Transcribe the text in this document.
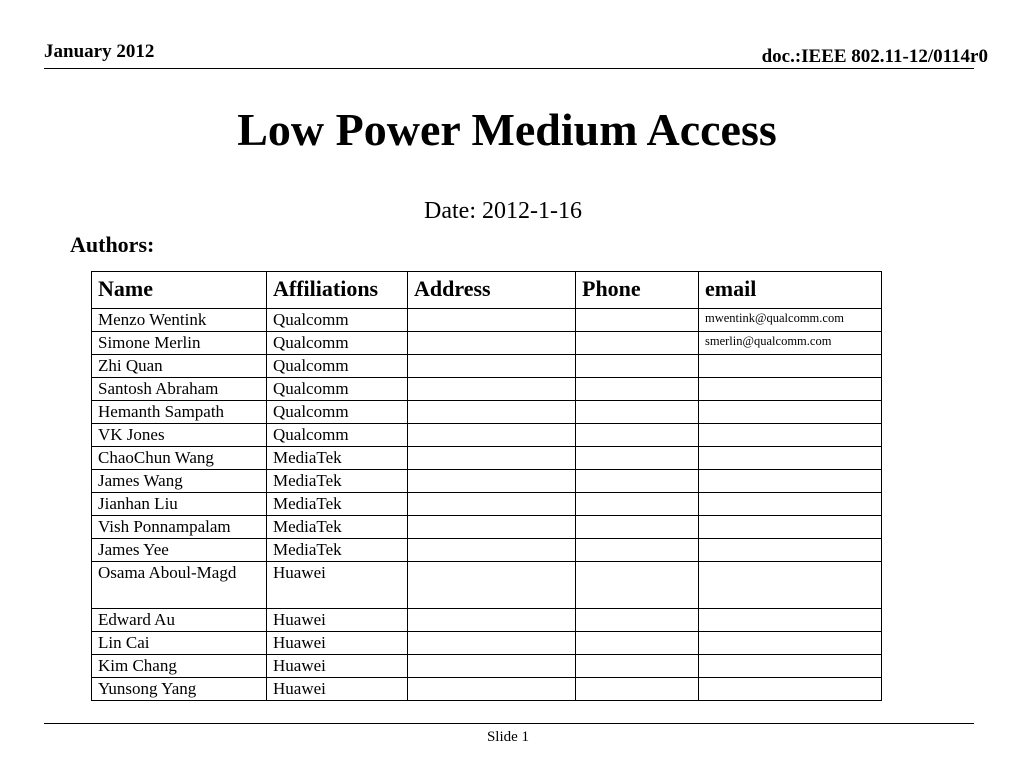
January 2012	doc.:IEEE 802.11-12/0114r0
Low Power Medium Access
Date: 2012-1-16
Authors:
Name	Affiliations	Address	Phone	email
Menzo Wentink	Qualcomm			mwentink@qualcomm.com
Simone Merlin	Qualcomm			smerlin@qualcomm.com
Zhi Quan	Qualcomm			
Santosh Abraham	Qualcomm			
Hemanth Sampath	Qualcomm			
VK Jones	Qualcomm			
ChaoChun Wang	MediaTek			
James Wang	MediaTek			
Jianhan Liu	MediaTek			
Vish Ponnampalam	MediaTek			
James Yee	MediaTek			
Osama Aboul-Magd	Huawei			
Edward Au	Huawei			
Lin Cai	Huawei			
Kim Chang	Huawei			
Yunsong Yang	Huawei			
Slide 1
